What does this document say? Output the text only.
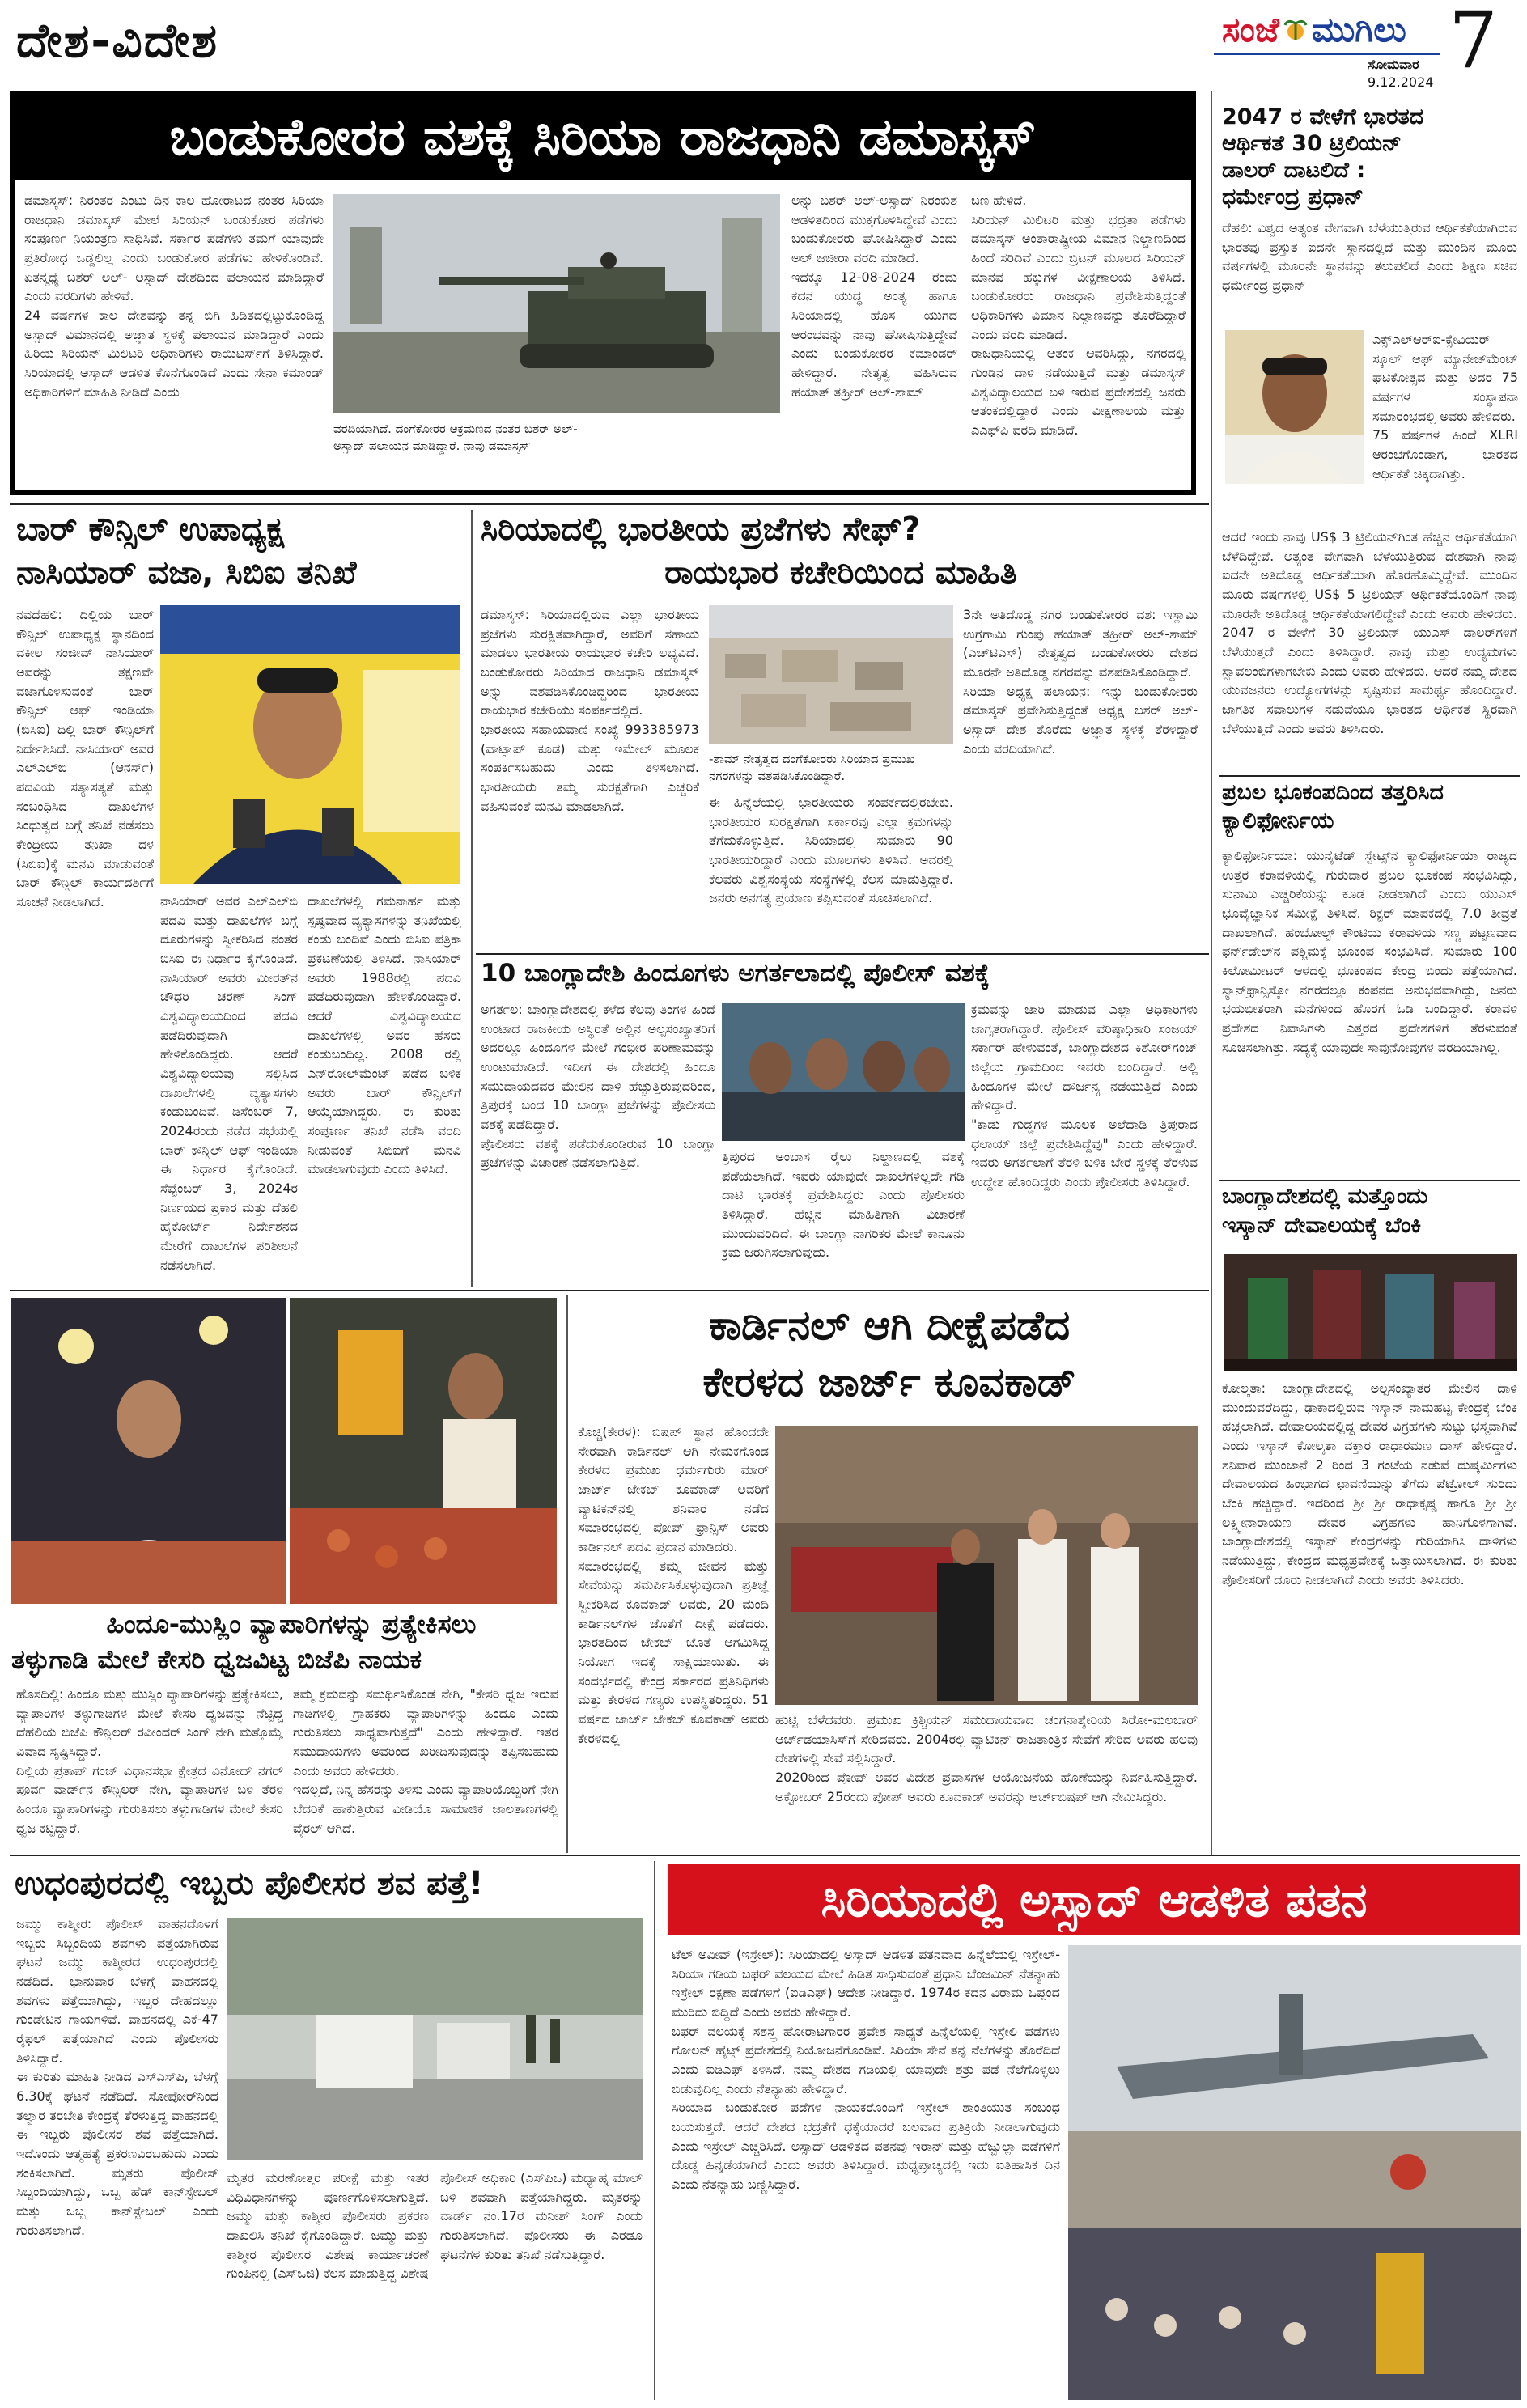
ದೇಶ-ವಿದೇಶ	ಸಂಜೆ ಮುಗಿಲು
ಸೋಮವಾರ
9.12.2024 7
ಬಂಡುಕೋರರ ವಶಕ್ಕೆ ಸಿರಿಯಾ ರಾಜಧಾನಿ ಡಮಾಸ್ಕಸ್
ಡಮಾಸ್ಕಸ್: ನಿರಂತರ ಎಂಟು ದಿನ ಕಾಲ ಹೋರಾಟದ ನಂತರ ಸಿರಿಯಾ ರಾಜಧಾನಿ ಡಮಾಸ್ಕಸ್ ಮೇಲೆ ಸಿರಿಯನ್ ಬಂಡುಕೋರ ಪಡೆಗಳು ಸಂಪೂರ್ಣ ನಿಯಂತ್ರಣ ಸಾಧಿಸಿವೆ. ಸರ್ಕಾರ ಪಡೆಗಳು ತಮಗೆ ಯಾವುದೇ ಪ್ರತಿರೋಧ ಒಡ್ಡಲಿಲ್ಲ ಎಂದು ಬಂಡುಕೋರ ಪಡೆಗಳು ಹೇಳಿಕೊಂಡಿವೆ. ಏತನ್ಮಧ್ಯೆ ಬಶರ್ ಅಲ್- ಅಸ್ಸಾದ್ ದೇಶದಿಂದ ಪಲಾಯನ ಮಾಡಿದ್ದಾರೆ ಎಂದು ವರದಿಗಳು ಹೇಳಿವೆ.
24 ವರ್ಷಗಳ ಕಾಲ ದೇಶವನ್ನು ತನ್ನ ಬಿಗಿ ಹಿಡಿತದಲ್ಲಿಟ್ಟುಕೊಂಡಿದ್ದ ಅಸ್ಸಾದ್ ವಿಮಾನದಲ್ಲಿ ಅಜ್ಞಾತ ಸ್ಥಳಕ್ಕೆ ಪಲಾಯನ ಮಾಡಿದ್ದಾರೆ ಎಂದು ಹಿರಿಯ ಸಿರಿಯನ್ ಮಿಲಿಟರಿ ಅಧಿಕಾರಿಗಳು ರಾಯಿಟರ್ಸ್‌ಗೆ ತಿಳಿಸಿದ್ದಾರೆ. ಸಿರಿಯಾದಲ್ಲಿ ಅಸ್ಸಾದ್ ಆಡಳಿತ ಕೊನೆಗೊಂಡಿದೆ ಎಂದು ಸೇನಾ ಕಮಾಂಡ್ ಅಧಿಕಾರಿಗಳಿಗೆ ಮಾಹಿತಿ ನೀಡಿದೆ ಎಂದು
ವರದಿಯಾಗಿದೆ. ದಂಗೆಕೋರರ ಆಕ್ರಮಣದ ನಂತರ ಬಶರ್ ಅಲ್-ಅಸ್ಸಾದ್ ಪಲಾಯನ ಮಾಡಿದ್ದಾರೆ. ನಾವು ಡಮಾಸ್ಕಸ್
ಅನ್ನು ಬಶರ್ ಅಲ್-ಅಸ್ಸಾದ್ ನಿರಂಕುಶ ಆಡಳಿತದಿಂದ ಮುಕ್ತಗೊಳಿಸಿದ್ದೇವೆ ಎಂದು ಬಂಡುಕೋರರು ಘೋಷಿಸಿದ್ದಾರೆ ಎಂದು ಅಲ್ ಜಜೀರಾ ವರದಿ ಮಾಡಿದೆ.
ಇದಕ್ಕೂ 12-08-2024 ರಂದು ಕದನ ಯುದ್ಧ ಅಂತ್ಯ ಹಾಗೂ ಸಿರಿಯಾದಲ್ಲಿ ಹೊಸ ಯುಗದ ಆರಂಭವನ್ನು ನಾವು ಘೋಷಿಸುತ್ತಿದ್ದೇವೆ ಎಂದು ಬಂಡುಕೋರರ ಕಮಾಂಡರ್ ಹೇಳಿದ್ದಾರೆ. ನೇತೃತ್ವ ವಹಿಸಿರುವ ಹಯಾತ್ ತಹ್ರೀರ್ ಅಲ್-ಶಾಮ್
ಬಣ ಹೇಳಿದೆ.
ಸಿರಿಯನ್ ಮಿಲಿಟರಿ ಮತ್ತು ಭದ್ರತಾ ಪಡೆಗಳು ಡಮಾಸ್ಕಸ್ ಅಂತಾರಾಷ್ಟ್ರೀಯ ವಿಮಾನ ನಿಲ್ದಾಣದಿಂದ ಹಿಂದೆ ಸರಿದಿವೆ ಎಂದು ಬ್ರಿಟನ್ ಮೂಲದ ಸಿರಿಯನ್ ಮಾನವ ಹಕ್ಕುಗಳ ವೀಕ್ಷಣಾಲಯ ತಿಳಿಸಿದೆ. ಬಂಡುಕೋರರು ರಾಜಧಾನಿ ಪ್ರವೇಶಿಸುತ್ತಿದ್ದಂತೆ ಅಧಿಕಾರಿಗಳು ವಿಮಾನ ನಿಲ್ದಾಣವನ್ನು ತೊರೆದಿದ್ದಾರೆ ಎಂದು ವರದಿ ಮಾಡಿದೆ.
ರಾಜಧಾನಿಯಲ್ಲಿ ಆತಂಕ ಆವರಿಸಿದ್ದು, ನಗರದಲ್ಲಿ ಗುಂಡಿನ ದಾಳಿ ನಡೆಯುತ್ತಿದೆ ಮತ್ತು ಡಮಾಸ್ಕಸ್ ವಿಶ್ವವಿದ್ಯಾಲಯದ ಬಳಿ ಇರುವ ಪ್ರದೇಶದಲ್ಲಿ ಜನರು ಆತಂಕದಲ್ಲಿದ್ದಾರೆ ಎಂದು ವೀಕ್ಷಣಾಲಯ ಮತ್ತು ಎಎಫ್‌ಪಿ ವರದಿ ಮಾಡಿದೆ.
2047 ರ ವೇಳೆಗೆ ಭಾರತದ
ಆರ್ಥಿಕತೆ 30 ಟ್ರಿಲಿಯನ್
ಡಾಲರ್ ದಾಟಲಿದೆ :
ಧರ್ಮೇಂದ್ರ ಪ್ರಧಾನ್
ದೆಹಲಿ: ವಿಶ್ವದ ಅತ್ಯಂತ ವೇಗವಾಗಿ ಬೆಳೆಯುತ್ತಿರುವ ಆರ್ಥಿಕತೆಯಾಗಿರುವ ಭಾರತವು ಪ್ರಸ್ತುತ ಐದನೇ ಸ್ಥಾನದಲ್ಲಿದೆ ಮತ್ತು ಮುಂದಿನ ಮೂರು ವರ್ಷಗಳಲ್ಲಿ ಮೂರನೇ ಸ್ಥಾನವನ್ನು ತಲುಪಲಿದೆ ಎಂದು ಶಿಕ್ಷಣ ಸಚಿವ ಧರ್ಮೇಂದ್ರ ಪ್ರಧಾನ್
ಎಕ್ಸ್‌ಎಲ್‌ಆರ್‌ಐ-ಕ್ಸೇವಿಯರ್ ಸ್ಕೂಲ್ ಆಫ್ ಮ್ಯಾನೇಜ್‌ಮೆಂಟ್ ಘಟಿಕೋತ್ಸವ ಮತ್ತು ಅದರ 75 ವರ್ಷಗಳ ಸಂಸ್ಥಾಪನಾ ಸಮಾರಂಭದಲ್ಲಿ ಅವರು ಹೇಳಿದರು.
75 ವರ್ಷಗಳ ಹಿಂದೆ XLRI ಆರಂಭಗೊಂಡಾಗ, ಭಾರತದ ಆರ್ಥಿಕತೆ ಚಿಕ್ಕದಾಗಿತ್ತು.
ಆದರೆ ಇಂದು ನಾವು US$ 3 ಟ್ರಿಲಿಯನ್‌ಗಿಂತ ಹೆಚ್ಚಿನ ಆರ್ಥಿಕತೆಯಾಗಿ ಬೆಳೆದಿದ್ದೇವೆ. ಅತ್ಯಂತ ವೇಗವಾಗಿ ಬೆಳೆಯುತ್ತಿರುವ ದೇಶವಾಗಿ ನಾವು ಐದನೇ ಅತಿದೊಡ್ಡ ಆರ್ಥಿಕತೆಯಾಗಿ ಹೊರಹೊಮ್ಮಿದ್ದೇವೆ. ಮುಂದಿನ ಮೂರು ವರ್ಷಗಳಲ್ಲಿ US$ 5 ಟ್ರಿಲಿಯನ್ ಆರ್ಥಿಕತೆಯೊಂದಿಗೆ ನಾವು ಮೂರನೇ ಅತಿದೊಡ್ಡ ಆರ್ಥಿಕತೆಯಾಗಲಿದ್ದೇವೆ ಎಂದು ಅವರು ಹೇಳಿದರು. 2047 ರ ವೇಳೆಗೆ 30 ಟ್ರಿಲಿಯನ್ ಯುಎಸ್ ಡಾಲರ್‌ಗಳಿಗೆ ಬೆಳೆಯುತ್ತದೆ ಎಂದು ತಿಳಿಸಿದ್ದಾರೆ. ನಾವು ಮತ್ತು ಉದ್ಯಮಗಳು ಸ್ವಾವಲಂಬಿಗಳಾಗಬೇಕು ಎಂದು ಅವರು ಹೇಳಿದರು. ಆದರೆ ನಮ್ಮ ದೇಶದ ಯುವಜನರು ಉದ್ಯೋಗಗಳನ್ನು ಸೃಷ್ಟಿಸುವ ಸಾಮರ್ಥ್ಯ ಹೊಂದಿದ್ದಾರೆ. ಜಾಗತಿಕ ಸವಾಲುಗಳ ನಡುವೆಯೂ ಭಾರತದ ಆರ್ಥಿಕತೆ ಸ್ಥಿರವಾಗಿ ಬೆಳೆಯುತ್ತಿದೆ ಎಂದು ಅವರು ತಿಳಿಸಿದರು.
ಪ್ರಬಲ ಭೂಕಂಪದಿಂದ ತತ್ತರಿಸಿದ
ಕ್ಯಾಲಿಫೋರ್ನಿಯ
ಕ್ಯಾಲಿಫೋರ್ನಿಯಾ: ಯುನೈಟೆಡ್ ಸ್ಟೇಟ್ಸ್‌ನ ಕ್ಯಾಲಿಫೋರ್ನಿಯಾ ರಾಜ್ಯದ ಉತ್ತರ ಕರಾವಳಿಯಲ್ಲಿ ಗುರುವಾರ ಪ್ರಬಲ ಭೂಕಂಪ ಸಂಭವಿಸಿದ್ದು, ಸುನಾಮಿ ಎಚ್ಚರಿಕೆಯನ್ನು ಕೂಡ ನೀಡಲಾಗಿದೆ ಎಂದು ಯುಎಸ್ ಭೂವೈಜ್ಞಾನಿಕ ಸಮೀಕ್ಷೆ ತಿಳಿಸಿದೆ. ರಿಕ್ಟರ್ ಮಾಪಕದಲ್ಲಿ 7.0 ತೀವ್ರತೆ ದಾಖಲಾಗಿದೆ. ಹಂಬೋಲ್ಟ್ ಕೌಂಟಿಯ ಕರಾವಳಿಯ ಸಣ್ಣ ಪಟ್ಟಣವಾದ ಫರ್ನ್‌ಡೇಲ್‌ನ ಪಶ್ಚಿಮಕ್ಕೆ ಭೂಕಂಪ ಸಂಭವಿಸಿದೆ. ಸುಮಾರು 100 ಕಿಲೋಮೀಟರ್ ಆಳದಲ್ಲಿ ಭೂಕಂಪದ ಕೇಂದ್ರ ಬಿಂದು ಪತ್ತೆಯಾಗಿದೆ. ಸ್ಯಾನ್‌ಫ್ರಾನ್ಸಿಸ್ಕೋ ನಗರದಲ್ಲೂ ಕಂಪನದ ಅನುಭವವಾಗಿದ್ದು, ಜನರು ಭಯಭೀತರಾಗಿ ಮನೆಗಳಿಂದ ಹೊರಗೆ ಓಡಿ ಬಂದಿದ್ದಾರೆ. ಕರಾವಳಿ ಪ್ರದೇಶದ ನಿವಾಸಿಗಳು ಎತ್ತರದ ಪ್ರದೇಶಗಳಿಗೆ ತೆರಳುವಂತೆ ಸೂಚಿಸಲಾಗಿತ್ತು. ಸದ್ಯಕ್ಕೆ ಯಾವುದೇ ಸಾವುನೋವುಗಳ ವರದಿಯಾಗಿಲ್ಲ.
ಬಾಂಗ್ಲಾದೇಶದಲ್ಲಿ ಮತ್ತೊಂದು
ಇಸ್ಕಾನ್ ದೇವಾಲಯಕ್ಕೆ ಬೆಂಕಿ
ಕೋಲ್ಕತಾ: ಬಾಂಗ್ಲಾದೇಶದಲ್ಲಿ ಅಲ್ಪಸಂಖ್ಯಾತರ ಮೇಲಿನ ದಾಳಿ ಮುಂದುವರೆದಿದ್ದು, ಢಾಕಾದಲ್ಲಿರುವ ಇಸ್ಕಾನ್ ನಾಮಹಟ್ಟ ಕೇಂದ್ರಕ್ಕೆ ಬೆಂಕಿ ಹಚ್ಚಲಾಗಿದೆ. ದೇವಾಲಯದಲ್ಲಿದ್ದ ದೇವರ ವಿಗ್ರಹಗಳು ಸುಟ್ಟು ಭಸ್ಮವಾಗಿವೆ ಎಂದು ಇಸ್ಕಾನ್ ಕೋಲ್ಕತಾ ವಕ್ತಾರ ರಾಧಾರಮಣ ದಾಸ್ ಹೇಳಿದ್ದಾರೆ. ಶನಿವಾರ ಮುಂಜಾನೆ 2 ರಿಂದ 3 ಗಂಟೆಯ ನಡುವೆ ದುಷ್ಕರ್ಮಿಗಳು ದೇವಾಲಯದ ಹಿಂಭಾಗದ ಛಾವಣಿಯನ್ನು ತೆಗೆದು ಪೆಟ್ರೋಲ್ ಸುರಿದು ಬೆಂಕಿ ಹಚ್ಚಿದ್ದಾರೆ. ಇದರಿಂದ ಶ್ರೀ ಶ್ರೀ ರಾಧಾಕೃಷ್ಣ ಹಾಗೂ ಶ್ರೀ ಶ್ರೀ ಲಕ್ಷ್ಮೀನಾರಾಯಣ ದೇವರ ವಿಗ್ರಹಗಳು ಹಾನಿಗೊಳಗಾಗಿವೆ. ಬಾಂಗ್ಲಾದೇಶದಲ್ಲಿ ಇಸ್ಕಾನ್ ಕೇಂದ್ರಗಳನ್ನು ಗುರಿಯಾಗಿಸಿ ದಾಳಿಗಳು ನಡೆಯುತ್ತಿದ್ದು, ಕೇಂದ್ರದ ಮಧ್ಯಪ್ರವೇಶಕ್ಕೆ ಒತ್ತಾಯಿಸಲಾಗಿದೆ. ಈ ಕುರಿತು ಪೊಲೀಸರಿಗೆ ದೂರು ನೀಡಲಾಗಿದೆ ಎಂದು ಅವರು ತಿಳಿಸಿದರು.
ಬಾರ್ ಕೌನ್ಸಿಲ್ ಉಪಾಧ್ಯಕ್ಷ
ನಾಸಿಯಾರ್ ವಜಾ, ಸಿಬಿಐ ತನಿಖೆ
ನವದೆಹಲಿ: ದಿಲ್ಲಿಯ ಬಾರ್ ಕೌನ್ಸಿಲ್ ಉಪಾಧ್ಯಕ್ಷ ಸ್ಥಾನದಿಂದ ವಕೀಲ ಸಂಜೀವ್ ನಾಸಿಯಾರ್ ಅವರನ್ನು ತಕ್ಷಣವೇ ವಜಾಗೊಳಿಸುವಂತೆ ಬಾರ್ ಕೌನ್ಸಿಲ್ ಆಫ್ ಇಂಡಿಯಾ (ಬಿಸಿಐ) ದಿಲ್ಲಿ ಬಾರ್ ಕೌನ್ಸಿಲ್‌ಗೆ ನಿರ್ದೇಶಿಸಿದೆ. ನಾಸಿಯಾರ್ ಅವರ ಎಲ್‌ಎಲ್‌ಬಿ (ಆನರ್ಸ್) ಪದವಿಯ ಸತ್ಯಾಸತ್ಯತೆ ಮತ್ತು ಸಂಬಂಧಿಸಿದ ದಾಖಲೆಗಳ ಸಿಂಧುತ್ವದ ಬಗ್ಗೆ ತನಿಖೆ ನಡೆಸಲು ಕೇಂದ್ರೀಯ ತನಿಖಾ ದಳ (ಸಿಬಿಐ)ಕ್ಕೆ ಮನವಿ ಮಾಡುವಂತೆ ಬಾರ್ ಕೌನ್ಸಿಲ್ ಕಾರ್ಯದರ್ಶಿಗೆ ಸೂಚನೆ ನೀಡಲಾಗಿದೆ.	ನಾಸಿಯಾರ್ ಅವರ ಎಲ್‌ಎಲ್‌ಬಿ ಪದವಿ ಮತ್ತು ದಾಖಲೆಗಳ ಬಗ್ಗೆ ದೂರುಗಳನ್ನು ಸ್ವೀಕರಿಸಿದ ನಂತರ ಬಿಸಿಐ ಈ ನಿರ್ಧಾರ ಕೈಗೊಂಡಿದೆ. ನಾಸಿಯಾರ್ ಅವರು ಮೀರತ್‌ನ ಚೌಧರಿ ಚರಣ್ ಸಿಂಗ್ ವಿಶ್ವವಿದ್ಯಾಲಯದಿಂದ ಪದವಿ ಪಡೆದಿರುವುದಾಗಿ ಹೇಳಿಕೊಂಡಿದ್ದರು. ಆದರೆ ವಿಶ್ವವಿದ್ಯಾಲಯವು ಸಲ್ಲಿಸಿದ ದಾಖಲೆಗಳಲ್ಲಿ ವ್ಯತ್ಯಾಸಗಳು ಕಂಡುಬಂದಿವೆ. ಡಿಸೆಂಬರ್ 7, 2024ರಂದು ನಡೆದ ಸಭೆಯಲ್ಲಿ ಬಾರ್ ಕೌನ್ಸಿಲ್ ಆಫ್ ಇಂಡಿಯಾ ಈ ನಿರ್ಧಾರ ಕೈಗೊಂಡಿದೆ. ಸೆಪ್ಟೆಂಬರ್ 3, 2024ರ ನಿರ್ಣಯದ ಪ್ರಕಾರ ಮತ್ತು ದೆಹಲಿ ಹೈಕೋರ್ಟ್ ನಿರ್ದೇಶನದ ಮೇರೆಗೆ ದಾಖಲೆಗಳ ಪರಿಶೀಲನೆ ನಡೆಸಲಾಗಿದೆ.
ದಾಖಲೆಗಳಲ್ಲಿ ಗಮನಾರ್ಹ ಮತ್ತು ಸ್ಪಷ್ಟವಾದ ವ್ಯತ್ಯಾಸಗಳನ್ನು ತನಿಖೆಯಲ್ಲಿ ಕಂಡು ಬಂದಿವೆ ಎಂದು ಬಿಸಿಐ ಪತ್ರಿಕಾ ಪ್ರಕಟಣೆಯಲ್ಲಿ ತಿಳಿಸಿದೆ. ನಾಸಿಯಾರ್ ಅವರು 1988ರಲ್ಲಿ ಪದವಿ ಪಡೆದಿರುವುದಾಗಿ ಹೇಳಿಕೊಂಡಿದ್ದಾರೆ. ಆದರೆ ವಿಶ್ವವಿದ್ಯಾಲಯದ ದಾಖಲೆಗಳಲ್ಲಿ ಅವರ ಹೆಸರು ಕಂಡುಬಂದಿಲ್ಲ. 2008 ರಲ್ಲಿ ಎನ್‌ರೋಲ್‌ಮೆಂಟ್ ಪಡೆದ ಬಳಿಕ ಅವರು ಬಾರ್ ಕೌನ್ಸಿಲ್‌ಗೆ ಆಯ್ಕೆಯಾಗಿದ್ದರು. ಈ ಕುರಿತು ಸಂಪೂರ್ಣ ತನಿಖೆ ನಡೆಸಿ ವರದಿ ನೀಡುವಂತೆ ಸಿಬಿಐಗೆ ಮನವಿ ಮಾಡಲಾಗುವುದು ಎಂದು ತಿಳಿಸಿದೆ.
ಸಿರಿಯಾದಲ್ಲಿ ಭಾರತೀಯ ಪ್ರಜೆಗಳು ಸೇಫ್?
ರಾಯಭಾರ ಕಚೇರಿಯಿಂದ ಮಾಹಿತಿ
ಡಮಾಸ್ಕಸ್: ಸಿರಿಯಾದಲ್ಲಿರುವ ಎಲ್ಲಾ ಭಾರತೀಯ ಪ್ರಜೆಗಳು ಸುರಕ್ಷಿತವಾಗಿದ್ದಾರೆ, ಅವರಿಗೆ ಸಹಾಯ ಮಾಡಲು ಭಾರತೀಯ ರಾಯಭಾರ ಕಚೇರಿ ಲಭ್ಯವಿದೆ. ಬಂಡುಕೋರರು ಸಿರಿಯಾದ ರಾಜಧಾನಿ ಡಮಾಸ್ಕಸ್ ಅನ್ನು ವಶಪಡಿಸಿಕೊಂಡಿದ್ದರಿಂದ ಭಾರತೀಯ ರಾಯಭಾರ ಕಚೇರಿಯು ಸಂಪರ್ಕದಲ್ಲಿದೆ.
ಭಾರತೀಯ ಸಹಾಯವಾಣಿ ಸಂಖ್ಯೆ 993385973 (ವಾಟ್ಸಾಪ್ ಕೂಡ) ಮತ್ತು ಇಮೇಲ್ ಮೂಲಕ ಸಂಪರ್ಕಿಸಬಹುದು ಎಂದು ತಿಳಿಸಲಾಗಿದೆ. ಭಾರತೀಯರು ತಮ್ಮ ಸುರಕ್ಷತೆಗಾಗಿ ಎಚ್ಚರಿಕೆ ವಹಿಸುವಂತೆ ಮನವಿ ಮಾಡಲಾಗಿದೆ.
-ಶಾಮ್ ನೇತೃತ್ವದ ದಂಗೆಕೋರರು ಸಿರಿಯಾದ ಪ್ರಮುಖ ನಗರಗಳನ್ನು ವಶಪಡಿಸಿಕೊಂಡಿದ್ದಾರೆ.
ಈ ಹಿನ್ನೆಲೆಯಲ್ಲಿ ಭಾರತೀಯರು ಸಂಪರ್ಕದಲ್ಲಿರಬೇಕು. ಭಾರತೀಯರ ಸುರಕ್ಷತೆಗಾಗಿ ಸರ್ಕಾರವು ಎಲ್ಲಾ ಕ್ರಮಗಳನ್ನು ತೆಗೆದುಕೊಳ್ಳುತ್ತಿದೆ. ಸಿರಿಯಾದಲ್ಲಿ ಸುಮಾರು 90 ಭಾರತೀಯರಿದ್ದಾರೆ ಎಂದು ಮೂಲಗಳು ತಿಳಿಸಿವೆ. ಅವರಲ್ಲಿ ಕೆಲವರು ವಿಶ್ವಸಂಸ್ಥೆಯ ಸಂಸ್ಥೆಗಳಲ್ಲಿ ಕೆಲಸ ಮಾಡುತ್ತಿದ್ದಾರೆ. ಜನರು ಅನಗತ್ಯ ಪ್ರಯಾಣ ತಪ್ಪಿಸುವಂತೆ ಸೂಚಿಸಲಾಗಿದೆ.
3ನೇ ಅತಿದೊಡ್ಡ ನಗರ ಬಂಡುಕೋರರ ವಶ: ಇಸ್ಲಾಮಿ ಉಗ್ರಗಾಮಿ ಗುಂಪು ಹಯಾತ್ ತಹ್ರೀರ್ ಅಲ್-ಶಾಮ್ (ಎಚ್‌ಟಿಎಸ್) ನೇತೃತ್ವದ ಬಂಡುಕೋರರು ದೇಶದ ಮೂರನೇ ಅತಿದೊಡ್ಡ ನಗರವನ್ನು ವಶಪಡಿಸಿಕೊಂಡಿದ್ದಾರೆ.
ಸಿರಿಯಾ ಅಧ್ಯಕ್ಷ ಪಲಾಯನ: ಇನ್ನು ಬಂಡುಕೋರರು ಡಮಾಸ್ಕಸ್ ಪ್ರವೇಶಿಸುತ್ತಿದ್ದಂತೆ ಅಧ್ಯಕ್ಷ ಬಶರ್ ಅಲ್-ಅಸ್ಸಾದ್ ದೇಶ ತೊರೆದು ಅಜ್ಞಾತ ಸ್ಥಳಕ್ಕೆ ತೆರಳಿದ್ದಾರೆ ಎಂದು ವರದಿಯಾಗಿದೆ.
10 ಬಾಂಗ್ಲಾದೇಶಿ ಹಿಂದೂಗಳು ಅಗರ್ತಲಾದಲ್ಲಿ ಪೊಲೀಸ್ ವಶಕ್ಕೆ
ಅಗರ್ತಲ: ಬಾಂಗ್ಲಾದೇಶದಲ್ಲಿ ಕಳೆದ ಕೆಲವು ತಿಂಗಳ ಹಿಂದೆ ಉಂಟಾದ ರಾಜಕೀಯ ಅಸ್ಥಿರತೆ ಅಲ್ಲಿನ ಅಲ್ಪಸಂಖ್ಯಾತರಿಗೆ ಅದರಲ್ಲೂ ಹಿಂದೂಗಳ ಮೇಲೆ ಗಂಭೀರ ಪರಿಣಾಮವನ್ನು ಉಂಟುಮಾಡಿದೆ. ಇದೀಗ ಈ ದೇಶದಲ್ಲಿ ಹಿಂದೂ ಸಮುದಾಯದವರ ಮೇಲಿನ ದಾಳಿ ಹೆಚ್ಚುತ್ತಿರುವುದರಿಂದ, ತ್ರಿಪುರಕ್ಕೆ ಬಂದ 10 ಬಾಂಗ್ಲಾ ಪ್ರಜೆಗಳನ್ನು ಪೊಲೀಸರು ವಶಕ್ಕೆ ಪಡೆದಿದ್ದಾರೆ.
ಪೊಲೀಸರು ವಶಕ್ಕೆ ಪಡೆದುಕೊಂಡಿರುವ 10 ಬಾಂಗ್ಲಾ ಪ್ರಜೆಗಳನ್ನು ವಿಚಾರಣೆ ನಡೆಸಲಾಗುತ್ತಿದೆ.	ತ್ರಿಪುರದ ಅಂಬಾಸ ರೈಲು ನಿಲ್ದಾಣದಲ್ಲಿ ವಶಕ್ಕೆ ಪಡೆಯಲಾಗಿದೆ. ಇವರು ಯಾವುದೇ ದಾಖಲೆಗಳಿಲ್ಲದೇ ಗಡಿ ದಾಟಿ ಭಾರತಕ್ಕೆ ಪ್ರವೇಶಿಸಿದ್ದರು ಎಂದು ಪೊಲೀಸರು ತಿಳಿಸಿದ್ದಾರೆ. ಹೆಚ್ಚಿನ ಮಾಹಿತಿಗಾಗಿ ವಿಚಾರಣೆ ಮುಂದುವರಿದಿದೆ. ಈ ಬಾಂಗ್ಲಾ ನಾಗರಿಕರ ಮೇಲೆ ಕಾನೂನು ಕ್ರಮ ಜರುಗಿಸಲಾಗುವುದು.
ಕ್ರಮವನ್ನು ಜಾರಿ ಮಾಡುವ ಎಲ್ಲಾ ಅಧಿಕಾರಿಗಳು ಜಾಗೃತರಾಗಿದ್ದಾರೆ. ಪೊಲೀಸ್ ವರಿಷ್ಠಾಧಿಕಾರಿ ಸಂಜಯ್ ಸರ್ಕಾರ್ ಹೇಳುವಂತೆ, ಬಾಂಗ್ಲಾದೇಶದ ಕಿಶೋರ್‌ಗಂಜ್ ಜಿಲ್ಲೆಯ ಗ್ರಾಮದಿಂದ ಇವರು ಬಂದಿದ್ದಾರೆ. ಅಲ್ಲಿ ಹಿಂದೂಗಳ ಮೇಲೆ ದೌರ್ಜನ್ಯ ನಡೆಯುತ್ತಿದೆ ಎಂದು ಹೇಳಿದ್ದಾರೆ.
"ಕಾಡು ಗುಡ್ಡಗಳ ಮೂಲಕ ಅಲೆದಾಡಿ ತ್ರಿಪುರಾದ ಧಲಾಯ್ ಜಿಲ್ಲೆ ಪ್ರವೇಶಿಸಿದ್ದೆವು" ಎಂದು ಹೇಳಿದ್ದಾರೆ. ಇವರು ಅಗರ್ತಲಾಗೆ ತೆರಳಿ ಬಳಿಕ ಬೇರೆ ಸ್ಥಳಕ್ಕೆ ತೆರಳುವ ಉದ್ದೇಶ ಹೊಂದಿದ್ದರು ಎಂದು ಪೊಲೀಸರು ತಿಳಿಸಿದ್ದಾರೆ.
ಹಿಂದೂ-ಮುಸ್ಲಿಂ ವ್ಯಾಪಾರಿಗಳನ್ನು ಪ್ರತ್ಯೇಕಿಸಲು
ತಳ್ಳುಗಾಡಿ ಮೇಲೆ ಕೇಸರಿ ಧ್ವಜವಿಟ್ಟ ಬಿಜೆಪಿ ನಾಯಕ
ಹೊಸದಿಲ್ಲಿ: ಹಿಂದೂ ಮತ್ತು ಮುಸ್ಲಿಂ ವ್ಯಾಪಾರಿಗಳನ್ನು ಪ್ರತ್ಯೇಕಿಸಲು, ವ್ಯಾಪಾರಿಗಳ ತಳ್ಳುಗಾಡಿಗಳ ಮೇಲೆ ಕೇಸರಿ ಧ್ವಜವನ್ನು ನೆಟ್ಟಿದ್ದ ದೆಹಲಿಯ ಬಿಜೆಪಿ ಕೌನ್ಸಿಲರ್ ರವೀಂದರ್ ಸಿಂಗ್ ನೇಗಿ ಮತ್ತೊಮ್ಮೆ ವಿವಾದ ಸೃಷ್ಟಿಸಿದ್ದಾರೆ.
ದಿಲ್ಲಿಯ ಪ್ರತಾಪ್ ಗಂಜ್ ವಿಧಾನಸಭಾ ಕ್ಷೇತ್ರದ ವಿನೋದ್ ನಗರ್ ಪೂರ್ವ ವಾರ್ಡ್‌ನ ಕೌನ್ಸಿಲರ್ ನೇಗಿ, ವ್ಯಾಪಾರಿಗಳ ಬಳಿ ತೆರಳಿ ಹಿಂದೂ ವ್ಯಾಪಾರಿಗಳನ್ನು ಗುರುತಿಸಲು ತಳ್ಳುಗಾಡಿಗಳ ಮೇಲೆ ಕೇಸರಿ ಧ್ವಜ ಕಟ್ಟಿದ್ದಾರೆ.
ತಮ್ಮ ಕ್ರಮವನ್ನು ಸಮರ್ಥಿಸಿಕೊಂಡ ನೇಗಿ, "ಕೇಸರಿ ಧ್ವಜ ಇರುವ ಗಾಡಿಗಳಲ್ಲಿ ಗ್ರಾಹಕರು ವ್ಯಾಪಾರಿಗಳನ್ನು ಹಿಂದೂ ಎಂದು ಗುರುತಿಸಲು ಸಾಧ್ಯವಾಗುತ್ತದೆ" ಎಂದು ಹೇಳಿದ್ದಾರೆ. ಇತರ ಸಮುದಾಯಗಳು ಅವರಿಂದ ಖರೀದಿಸುವುದನ್ನು ತಪ್ಪಿಸಬಹುದು ಎಂದು ಅವರು ಹೇಳಿದರು.
ಇದಲ್ಲದೆ, ನಿನ್ನ ಹೆಸರನ್ನು ತಿಳಿಸು ಎಂದು ವ್ಯಾಪಾರಿಯೊಬ್ಬರಿಗೆ ನೇಗಿ ಬೆದರಿಕೆ ಹಾಕುತ್ತಿರುವ ವೀಡಿಯೊ ಸಾಮಾಜಿಕ ಜಾಲತಾಣಗಳಲ್ಲಿ ವೈರಲ್ ಆಗಿದೆ.
ಕಾರ್ಡಿನಲ್ ಆಗಿ ದೀಕ್ಷೆಪಡೆದ
ಕೇರಳದ ಜಾರ್ಜ್ ಕೂವಕಾಡ್
ಕೊಚ್ಚಿ(ಕೇರಳ): ಬಿಷಪ್ ಸ್ಥಾನ ಹೊಂದದೇ ನೇರವಾಗಿ ಕಾರ್ಡಿನಲ್ ಆಗಿ ನೇಮಕಗೊಂಡ ಕೇರಳದ ಪ್ರಮುಖ ಧರ್ಮಗುರು ಮಾರ್ ಜಾರ್ಜ್ ಜೇಕಬ್ ಕೂವಕಾಡ್ ಅವರಿಗೆ ವ್ಯಾಟಿಕನ್‌ನಲ್ಲಿ ಶನಿವಾರ ನಡೆದ ಸಮಾರಂಭದಲ್ಲಿ ಪೋಪ್ ಫ್ರಾನ್ಸಿಸ್ ಅವರು ಕಾರ್ಡಿನಲ್ ಪದವಿ ಪ್ರದಾನ ಮಾಡಿದರು.
ಸಮಾರಂಭದಲ್ಲಿ ತಮ್ಮ ಜೀವನ ಮತ್ತು ಸೇವೆಯನ್ನು ಸಮರ್ಪಿಸಿಕೊಳ್ಳುವುದಾಗಿ ಪ್ರತಿಜ್ಞೆ ಸ್ವೀಕರಿಸಿದ ಕೂವಕಾಡ್ ಅವರು, 20 ಮಂದಿ ಕಾರ್ಡಿನಲ್‌ಗಳ ಜೊತೆಗೆ ದೀಕ್ಷೆ ಪಡೆದರು. ಭಾರತದಿಂದ ಜೇಕಬ್ ಜೊತೆ ಆಗಮಿಸಿದ್ದ ನಿಯೋಗ ಇದಕ್ಕೆ ಸಾಕ್ಷಿಯಾಯಿತು. ಈ ಸಂದರ್ಭದಲ್ಲಿ ಕೇಂದ್ರ ಸರ್ಕಾರದ ಪ್ರತಿನಿಧಿಗಳು ಮತ್ತು ಕೇರಳದ ಗಣ್ಯರು ಉಪಸ್ಥಿತರಿದ್ದರು. 51 ವರ್ಷದ ಜಾರ್ಜ್ ಜೇಕಬ್ ಕೂವಕಾಡ್ ಅವರು ಕೇರಳದಲ್ಲಿ
ಹುಟ್ಟಿ ಬೆಳೆದವರು. ಪ್ರಮುಖ ಕ್ರಿಶ್ಚಿಯನ್ ಸಮುದಾಯವಾದ ಚಂಗನಾಶ್ಶೇರಿಯ ಸಿರೋ-ಮಲಬಾರ್ ಆರ್ಚ್‌ಡಯಾಸಿಸ್‌ಗೆ ಸೇರಿದವರು. 2004ರಲ್ಲಿ ವ್ಯಾಟಿಕನ್ ರಾಜತಾಂತ್ರಿಕ ಸೇವೆಗೆ ಸೇರಿದ ಅವರು ಹಲವು ದೇಶಗಳಲ್ಲಿ ಸೇವೆ ಸಲ್ಲಿಸಿದ್ದಾರೆ.
2020ರಿಂದ ಪೋಪ್ ಅವರ ವಿದೇಶ ಪ್ರವಾಸಗಳ ಆಯೋಜನೆಯ ಹೊಣೆಯನ್ನು ನಿರ್ವಹಿಸುತ್ತಿದ್ದಾರೆ. ಅಕ್ಟೋಬರ್ 25ರಂದು ಪೋಪ್ ಅವರು ಕೂವಕಾಡ್ ಅವರನ್ನು ಆರ್ಚ್‌ಬಿಷಪ್ ಆಗಿ ನೇಮಿಸಿದ್ದರು.
ಉಧಂಪುರದಲ್ಲಿ ಇಬ್ಬರು ಪೊಲೀಸರ ಶವ ಪತ್ತೆ!
ಜಮ್ಮು ಕಾಶ್ಮೀರ: ಪೊಲೀಸ್ ವಾಹನದೊಳಗೆ ಇಬ್ಬರು ಸಿಬ್ಬಂದಿಯ ಶವಗಳು ಪತ್ತೆಯಾಗಿರುವ ಘಟನೆ ಜಮ್ಮು ಕಾಶ್ಮೀರದ ಉಧಂಪುರದಲ್ಲಿ ನಡೆದಿದೆ. ಭಾನುವಾರ ಬೆಳಗ್ಗೆ ವಾಹನದಲ್ಲಿ ಶವಗಳು ಪತ್ತೆಯಾಗಿದ್ದು, ಇಬ್ಬರ ದೇಹದಲ್ಲೂ ಗುಂಡೇಟಿನ ಗಾಯಗಳಿವೆ. ವಾಹನದಲ್ಲಿ ಎಕೆ-47 ರೈಫಲ್ ಪತ್ತೆಯಾಗಿದೆ ಎಂದು ಪೊಲೀಸರು ತಿಳಿಸಿದ್ದಾರೆ.
ಈ ಕುರಿತು ಮಾಹಿತಿ ನೀಡಿದ ಎಸ್‌ಎಸ್‌ಪಿ, ಬೆಳಗ್ಗೆ 6.30ಕ್ಕೆ ಘಟನೆ ನಡೆದಿದೆ. ಸೋಪೋರ್‌ನಿಂದ ತಲ್ವಾರ ತರಬೇತಿ ಕೇಂದ್ರಕ್ಕೆ ತೆರಳುತ್ತಿದ್ದ ವಾಹನದಲ್ಲಿ ಈ ಇಬ್ಬರು ಪೊಲೀಸರ ಶವ ಪತ್ತೆಯಾಗಿದೆ. ಇದೊಂದು ಆತ್ಮಹತ್ಯೆ ಪ್ರಕರಣವಿರಬಹುದು ಎಂದು ಶಂಕಿಸಲಾಗಿದೆ. ಮೃತರು ಪೊಲೀಸ್ ಸಿಬ್ಬಂದಿಯಾಗಿದ್ದು, ಒಬ್ಬ ಹೆಡ್ ಕಾನ್‌ಸ್ಟೇಬಲ್ ಮತ್ತು ಒಬ್ಬ ಕಾನ್‌ಸ್ಟೇಬಲ್ ಎಂದು ಗುರುತಿಸಲಾಗಿದೆ.
ಮೃತರ ಮರಣೋತ್ತರ ಪರೀಕ್ಷೆ ಮತ್ತು ಇತರ ವಿಧಿವಿಧಾನಗಳನ್ನು ಪೂರ್ಣಗೊಳಿಸಲಾಗುತ್ತಿದೆ. ಜಮ್ಮು ಮತ್ತು ಕಾಶ್ಮೀರ ಪೊಲೀಸರು ಪ್ರಕರಣ ದಾಖಲಿಸಿ ತನಿಖೆ ಕೈಗೊಂಡಿದ್ದಾರೆ. ಜಮ್ಮು ಮತ್ತು ಕಾಶ್ಮೀರ ಪೊಲೀಸರ ವಿಶೇಷ ಕಾರ್ಯಾಚರಣೆ ಗುಂಪಿನಲ್ಲಿ (ಎಸ್‌ಒಜಿ) ಕೆಲಸ ಮಾಡುತ್ತಿದ್ದ ವಿಶೇಷ
ಪೊಲೀಸ್ ಅಧಿಕಾರಿ (ಎಸ್‌ಪಿಒ) ಮಧ್ಯಾಹ್ನ ಮಾಲ್ ಬಳಿ ಶವವಾಗಿ ಪತ್ತೆಯಾಗಿದ್ದರು. ಮೃತರನ್ನು ವಾರ್ಡ್ ನಂ.17ರ ಮನೀಶ್ ಸಿಂಗ್ ಎಂದು ಗುರುತಿಸಲಾಗಿದೆ. ಪೊಲೀಸರು ಈ ಎರಡೂ ಘಟನೆಗಳ ಕುರಿತು ತನಿಖೆ ನಡೆಸುತ್ತಿದ್ದಾರೆ.
ಸಿರಿಯಾದಲ್ಲಿ ಅಸ್ಸಾದ್ ಆಡಳಿತ ಪತನ
ಟೆಲ್ ಅವೀವ್ (ಇಸ್ರೇಲ್): ಸಿರಿಯಾದಲ್ಲಿ ಅಸ್ಸಾದ್ ಆಡಳಿತ ಪತನವಾದ ಹಿನ್ನೆಲೆಯಲ್ಲಿ ಇಸ್ರೇಲ್-ಸಿರಿಯಾ ಗಡಿಯ ಬಫರ್ ವಲಯದ ಮೇಲೆ ಹಿಡಿತ ಸಾಧಿಸುವಂತೆ ಪ್ರಧಾನಿ ಬೆಂಜಮಿನ್ ನೆತನ್ಯಾಹು ಇಸ್ರೇಲ್ ರಕ್ಷಣಾ ಪಡೆಗಳಿಗೆ (ಐಡಿಎಫ್) ಆದೇಶ ನೀಡಿದ್ದಾರೆ. 1974ರ ಕದನ ವಿರಾಮ ಒಪ್ಪಂದ ಮುರಿದು ಬಿದ್ದಿದೆ ಎಂದು ಅವರು ಹೇಳಿದ್ದಾರೆ.
ಬಫರ್ ವಲಯಕ್ಕೆ ಸಶಸ್ತ್ರ ಹೋರಾಟಗಾರರ ಪ್ರವೇಶ ಸಾಧ್ಯತೆ ಹಿನ್ನೆಲೆಯಲ್ಲಿ ಇಸ್ರೇಲಿ ಪಡೆಗಳು ಗೋಲನ್ ಹೈಟ್ಸ್ ಪ್ರದೇಶದಲ್ಲಿ ನಿಯೋಜನೆಗೊಂಡಿವೆ. ಸಿರಿಯಾ ಸೇನೆ ತನ್ನ ನೆಲೆಗಳನ್ನು ತೊರೆದಿದೆ ಎಂದು ಐಡಿಎಫ್ ತಿಳಿಸಿದೆ. ನಮ್ಮ ದೇಶದ ಗಡಿಯಲ್ಲಿ ಯಾವುದೇ ಶತ್ರು ಪಡೆ ನೆಲೆಗೊಳ್ಳಲು ಬಿಡುವುದಿಲ್ಲ ಎಂದು ನೆತನ್ಯಾಹು ಹೇಳಿದ್ದಾರೆ.
ಸಿರಿಯಾದ ಬಂಡುಕೋರ ಪಡೆಗಳ ನಾಯಕರೊಂದಿಗೆ ಇಸ್ರೇಲ್ ಶಾಂತಿಯುತ ಸಂಬಂಧ ಬಯಸುತ್ತದೆ. ಆದರೆ ದೇಶದ ಭದ್ರತೆಗೆ ಧಕ್ಕೆಯಾದರೆ ಬಲವಾದ ಪ್ರತಿಕ್ರಿಯೆ ನೀಡಲಾಗುವುದು ಎಂದು ಇಸ್ರೇಲ್ ಎಚ್ಚರಿಸಿದೆ. ಅಸ್ಸಾದ್ ಆಡಳಿತದ ಪತನವು ಇರಾನ್ ಮತ್ತು ಹೆಜ್ಬುಲ್ಲಾ ಪಡೆಗಳಿಗೆ ದೊಡ್ಡ ಹಿನ್ನಡೆಯಾಗಿದೆ ಎಂದು ಅವರು ತಿಳಿಸಿದ್ದಾರೆ. ಮಧ್ಯಪ್ರಾಚ್ಯದಲ್ಲಿ ಇದು ಐತಿಹಾಸಿಕ ದಿನ ಎಂದು ನೆತನ್ಯಾಹು ಬಣ್ಣಿಸಿದ್ದಾರೆ.
